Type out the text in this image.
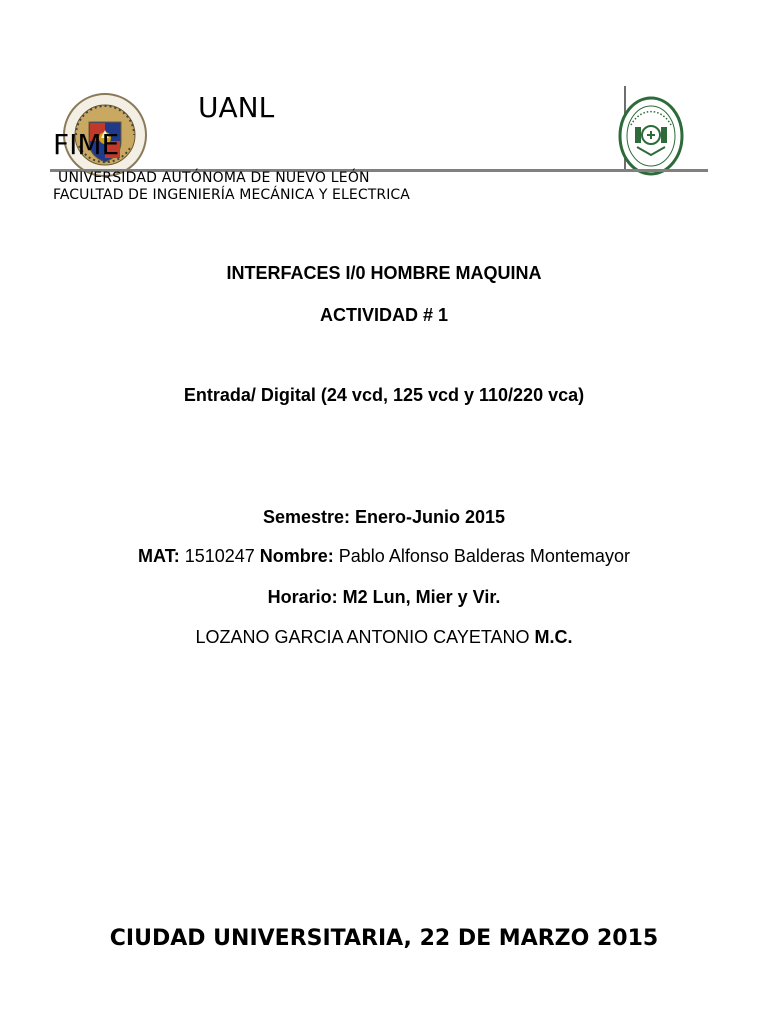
UANL
FIME
UNIVERSIDAD AUTÓNOMA DE NUEVO LEÓN
FACULTAD DE INGENIERÍA MECÁNICA Y ELECTRICA
INTERFACES I/0 HOMBRE MAQUINA
ACTIVIDAD # 1
Entrada/ Digital (24 vcd, 125 vcd y 110/220 vca)
Semestre: Enero-Junio 2015
MAT: 1510247 Nombre: Pablo Alfonso Balderas Montemayor
Horario: M2 Lun, Mier y Vir.
LOZANO GARCIA ANTONIO CAYETANO M.C.
CIUDAD UNIVERSITARIA, 22 DE MARZO 2015
